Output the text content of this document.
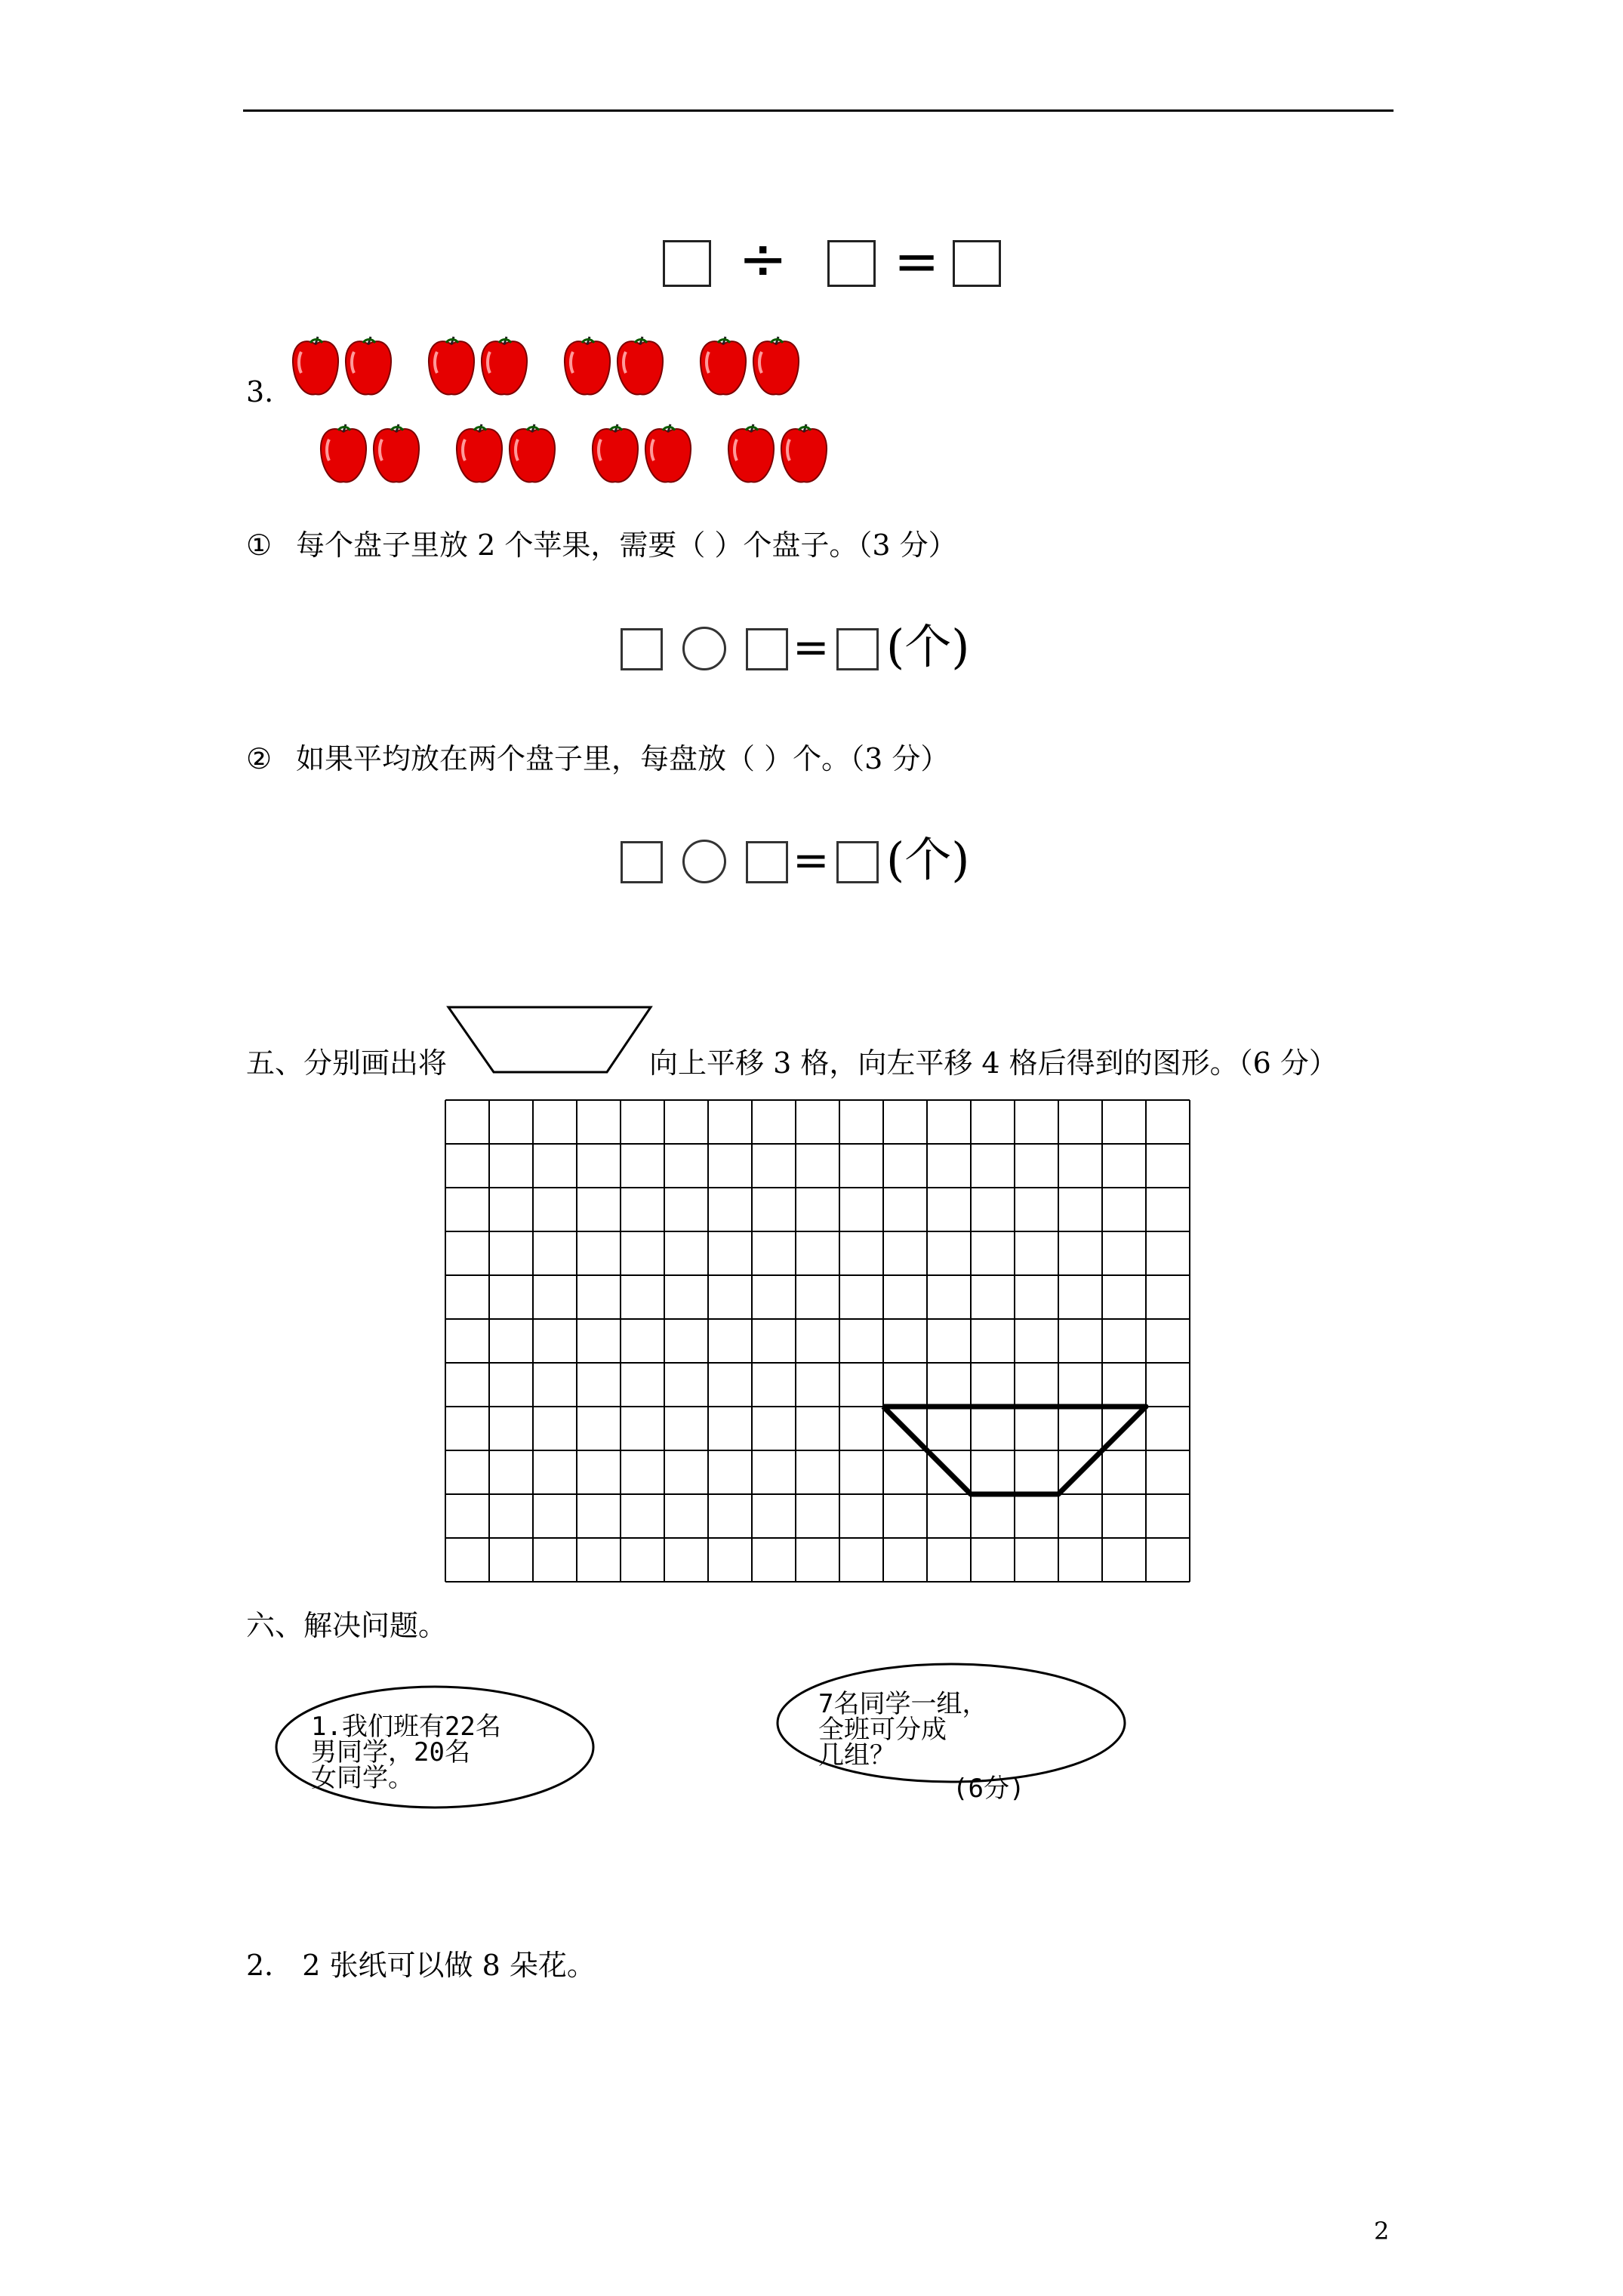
÷ =
3.
① 每个盘子里放 2 个苹果，需要（ ）个盘子。（3 分）
= (个)
② 如果平均放在两个盘子里，每盘放（ ）个。（3 分）
= (个)
五、分别画出将	向上平移 3 格，向左平移 4 格后得到的图形。（6 分）
六、解决问题。
1.我们班有22名
男同学，20名
女同学。
7名同学一组，
全班可分成
几组？
(6分)
2． 2 张纸可以做 8 朵花。
2
